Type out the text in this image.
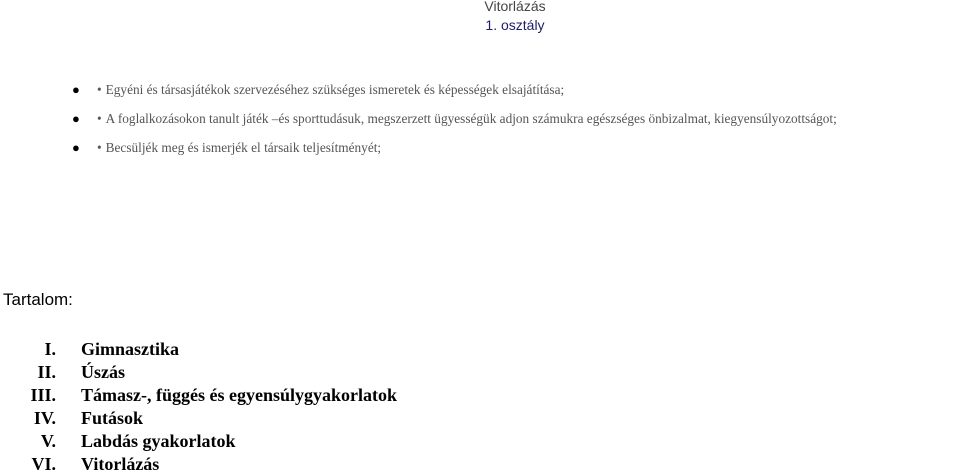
Vitorlázás
1. osztály
● • Egyéni és társasjátékok szervezéséhez szükséges ismeretek és képességek elsajátítása;
● • A foglalkozásokon tanult játék –és sporttudásuk, megszerzett ügyességük adjon számukra egészséges önbizalmat, kiegyensúlyozottságot;
● • Becsüljék meg és ismerjék el társaik teljesítményét;
Tartalom:
I. Gimnasztika
II. Úszás
III. Támasz-, függés és egyensúlygyakorlatok
IV. Futások
V. Labdás gyakorlatok
VI. Vitorlázás
